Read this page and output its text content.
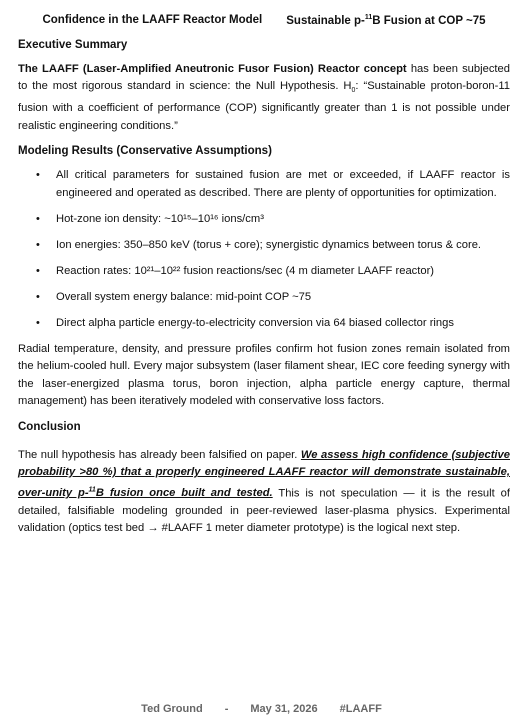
Confidence in the LAAFF Reactor Model Sustainable p-$^{11}$B Fusion at COP ~75
Executive Summary

The LAAFF (Laser-Amplified Aneutronic Fusor Fusion) Reactor concept has been subjected to the most rigorous standard in science: the Null Hypothesis. $H_0$: “Sustainable proton-boron-11 fusion with a coefficient of performance (COP) significantly greater than 1 is not possible under realistic engineering conditions.”

Modeling Results (Conservative Assumptions)
• All critical parameters for sustained fusion are met or exceeded, if LAAFF reactor is engineered and operated as described. There are plenty of opportunities for optimization.
• Hot-zone ion density: ~10¹⁵–10¹⁶ ions/cm³
• Ion energies: 350–850 keV (torus + core); synergistic dynamics between torus & core.
• Reaction rates: 10²¹–10²² fusion reactions/sec (4 m diameter LAAFF reactor)
• Overall system energy balance: mid-point COP ~75
• Direct alpha particle energy-to-electricity conversion via 64 biased collector rings

Radial temperature, density, and pressure profiles confirm hot fusion zones remain isolated from the helium-cooled hull. Every major subsystem (laser filament shear, IEC core feeding synergy with the laser-energized plasma torus, boron injection, alpha particle energy capture, thermal management) has been iteratively modeled with conservative loss factors.

Conclusion

The null hypothesis has already been falsified on paper. We assess high confidence (subjective probability >80 %) that a properly engineered LAAFF reactor will demonstrate sustainable, over-unity p-$^{11}$B fusion once built and tested. This is not speculation — it is the result of detailed, falsifiable modeling grounded in peer-reviewed laser-plasma physics. Experimental validation (optics test bed → #LAAFF 1 meter diameter prototype) is the logical next step.

Ted Ground - May 31, 2026 #LAAFF
